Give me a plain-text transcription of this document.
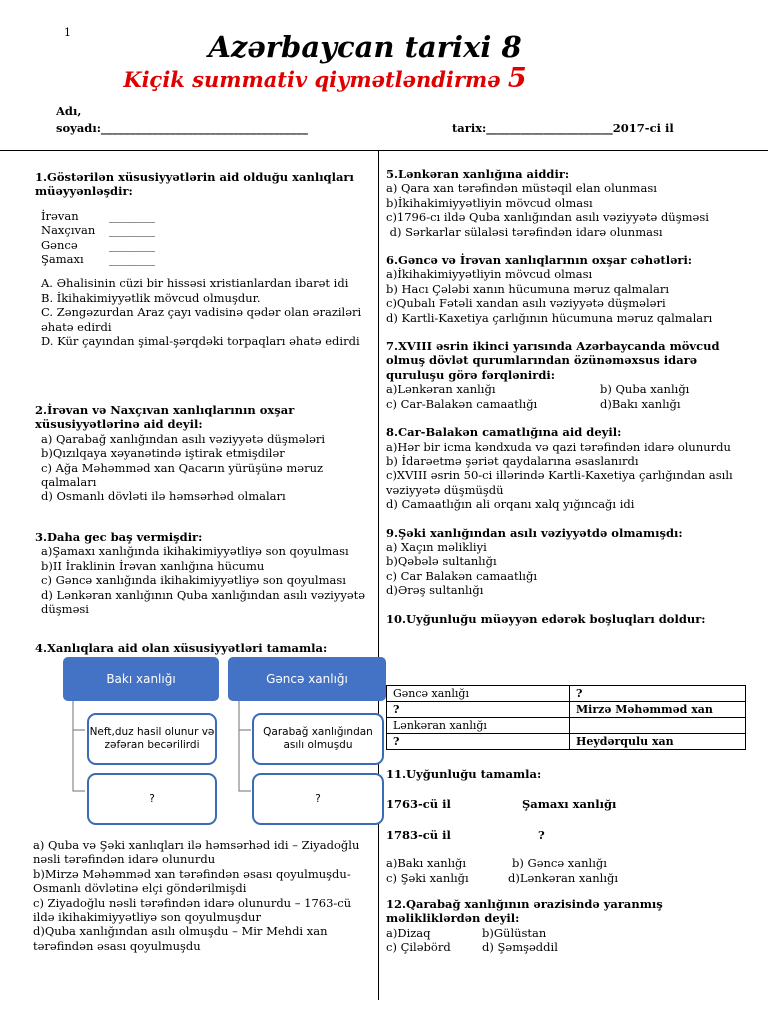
1	Azərbaycan tarixi 8
Kiçik summativ qiymətləndirmə 5
Adı,
soyadı:____________________________________	tarix:______________________2017-ci il

1.Göstərilən xüsusiyyətlərin aid olduğu xanlıqları müəyyənləşdir:

İrəvan	________
Naxçıvan	________
Gəncə	________
Şamaxı	________

A. Əhalisinin cüzi bir hissəsi xristianlardan ibarət idi

B. İkihakimiyyətlik mövcud olmuşdur.

C. Zəngəzurdan Araz çayı vadisinə qədər olan əraziləri əhatə edirdi

D. Kür çayından şimal-şərqdəki torpaqları əhatə edirdi

2.İrəvan və Naxçıvan xanlıqlarının oxşar xüsusiyyətlərinə aid deyil:

a) Qarabağ xanlığından asılı vəziyyətə düşmələri

b)Qızılqaya xəyanətində iştirak etmişdilər

c) Ağa Məhəmməd xan Qacarın yürüşünə məruz qalmaları

d) Osmanlı dövləti ilə həmsərhəd olmaları

3.Daha gec baş vermişdir:

a)Şamaxı xanlığında ikihakimiyyətliyə son qoyulması

b)II İraklinin İrəvan xanlığına hücumu

c) Gəncə xanlığında ikihakimiyyətliyə son qoyulması

d) Lənkəran xanlığının Quba xanlığından asılı vəziyyətə düşməsi

4.Xanlıqlara aid olan xüsusiyyətləri tamamla:

Bakı xanlığı	Gəncə xanlığı
Neft,duz hasil olunur və zəfəran becərilirdi
?
Qarabağ xanlığından asılı olmuşdu
?

a) Quba və Şəki xanlıqları ilə həmsərhəd idi – Ziyadoğlu nəsli tərəfindən idarə olunurdu

b)Mirzə Məhəmməd xan tərəfindən əsası qoyulmuşdu-Osmanlı dövlətinə elçi göndərilmişdi

c) Ziyadoğlu nəsli tərəfindən idarə olunurdu – 1763-cü ildə ikihakimiyyətliyə son qoyulmuşdur

d)Quba xanlığından asılı olmuşdu – Mir Mehdi xan tərəfindən əsası qoyulmuşdu

5.Lənkəran xanlığına aiddir:

a) Qara xan tərəfindən müstəqil elan olunması

b)İkihakimiyyətliyin mövcud olması

c)1796-cı ildə Quba xanlığından asılı vəziyyətə düşməsi

d) Sərkarlar sülaləsi tərəfindən idarə olunması

6.Gəncə və İrəvan xanlıqlarının oxşar cəhətləri:

a)İkihakimiyyətliyin mövcud olması

b) Hacı Çələbi xanın hücumuna məruz qalmaları

c)Qubalı Fətəli xandan asılı vəziyyətə düşmələri

d) Kartli-Kaxetiya çarlığının hücumuna məruz qalmaları

7.XVIII əsrin ikinci yarısında Azərbaycanda mövcud olmuş dövlət qurumlarından özünəməxsus idarə quruluşu görə fərqlənirdi:

a)Lənkəran xanlığı	b) Quba xanlığı

c) Car-Balakən camaatlığı	d)Bakı xanlığı

8.Car-Balakən camatlığına aid deyil:

a)Hər bir icma kəndxuda və qazi tərəfindən idarə olunurdu

b) İdarəetmə şəriət qaydalarına əsaslanırdı

c)XVIII əsrin 50-ci illərində Kartli-Kaxetiya çarlığından asılı vəziyyətə düşmüşdü

d) Camaatlığın ali orqanı xalq yığıncağı idi

9.Şəki xanlığından asılı vəziyyətdə olmamışdı:

a) Xaçın məlikliyi

b)Qəbələ sultanlığı

c) Car Balakən camaatlığı

d)Ərəş sultanlığı

10.Uyğunluğu müəyyən edərək boşluqları doldur:

Gəncə xanlığı	?
?	Mirzə Məhəmməd xan
Lənkəran xanlığı	
?	Heydərqulu xan

11.Uyğunluğu tamamla:

1763-cü il	Şamaxı xanlığı

1783-cü il	?

a)Bakı xanlığı	b) Gəncə xanlığı

c) Şəki xanlığı	d)Lənkəran xanlığı

12.Qarabağ xanlığının ərazisində yaranmış məlikliklərdən deyil:

a)Dizaq	b)Gülüstan

c) Çiləbörd	d) Şəmşəddil
